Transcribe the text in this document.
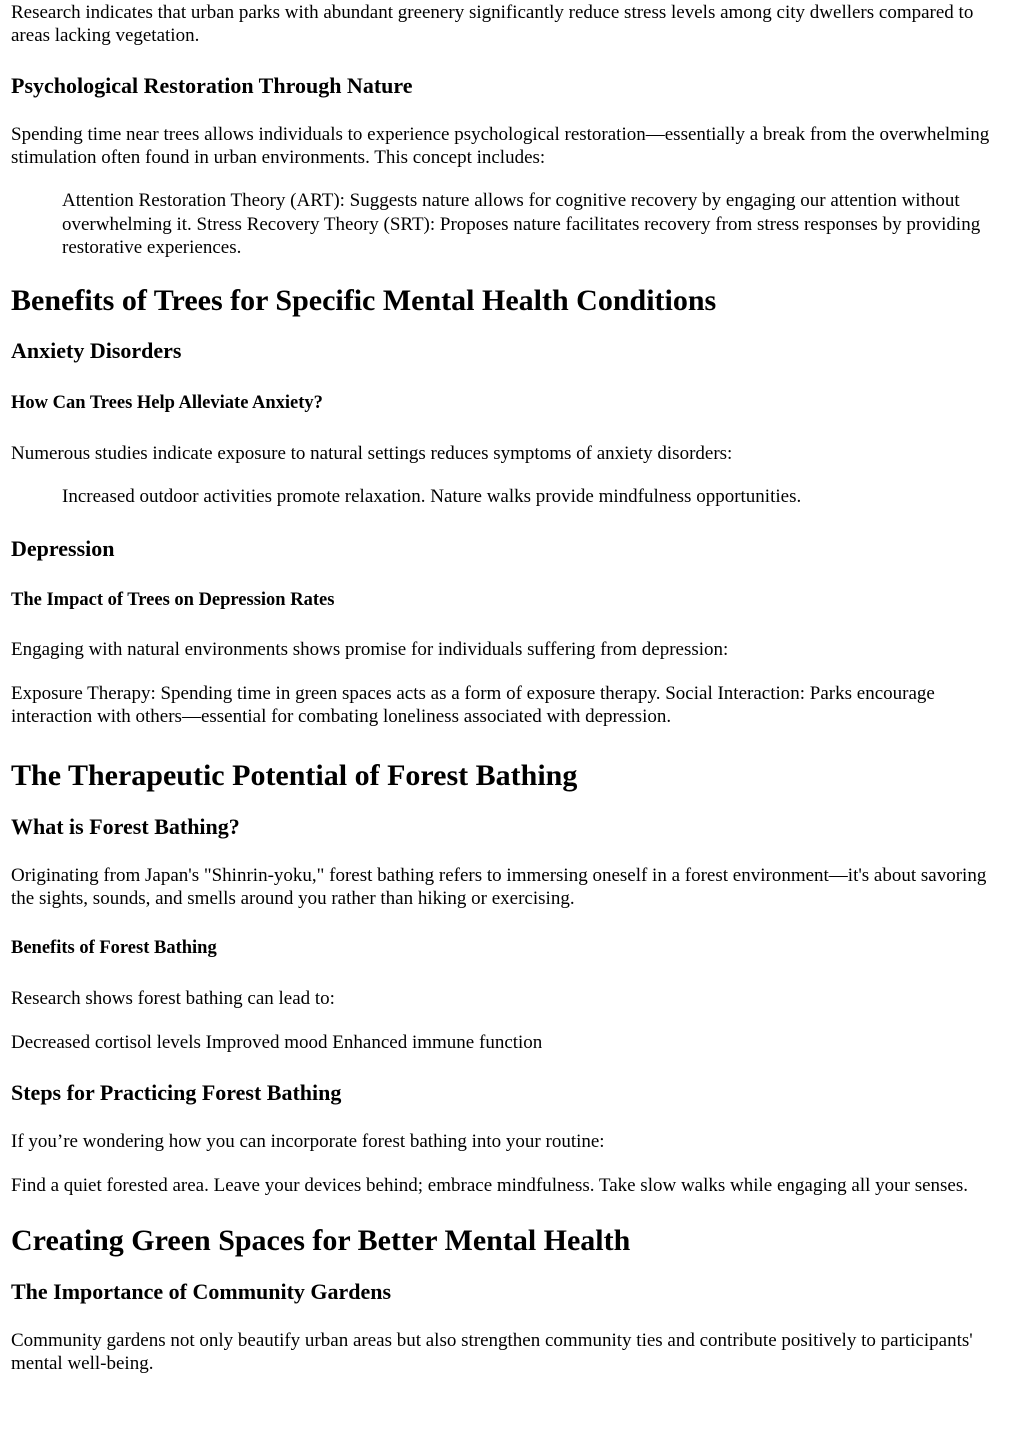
Research indicates that urban parks with abundant greenery significantly reduce stress levels among city dwellers compared to areas lacking vegetation.

Psychological Restoration Through Nature

Spending time near trees allows individuals to experience psychological restoration—essentially a break from the overwhelming stimulation often found in urban environments. This concept includes:

Attention Restoration Theory (ART): Suggests nature allows for cognitive recovery by engaging our attention without overwhelming it. Stress Recovery Theory (SRT): Proposes nature facilitates recovery from stress responses by providing restorative experiences.
Benefits of Trees for Specific Mental Health Conditions
Anxiety Disorders
How Can Trees Help Alleviate Anxiety?

Numerous studies indicate exposure to natural settings reduces symptoms of anxiety disorders:

Increased outdoor activities promote relaxation. Nature walks provide mindfulness opportunities.
Depression
The Impact of Trees on Depression Rates

Engaging with natural environments shows promise for individuals suffering from depression:

Exposure Therapy: Spending time in green spaces acts as a form of exposure therapy. Social Interaction: Parks encourage interaction with others—essential for combating loneliness associated with depression.

The Therapeutic Potential of Forest Bathing
What is Forest Bathing?

Originating from Japan's "Shinrin-yoku," forest bathing refers to immersing oneself in a forest environment—it's about savoring the sights, sounds, and smells around you rather than hiking or exercising.

Benefits of Forest Bathing

Research shows forest bathing can lead to:

Decreased cortisol levels Improved mood Enhanced immune function

Steps for Practicing Forest Bathing

If you’re wondering how you can incorporate forest bathing into your routine:

Find a quiet forested area. Leave your devices behind; embrace mindfulness. Take slow walks while engaging all your senses.

Creating Green Spaces for Better Mental Health
The Importance of Community Gardens

Community gardens not only beautify urban areas but also strengthen community ties and contribute positively to participants' mental well-being.
